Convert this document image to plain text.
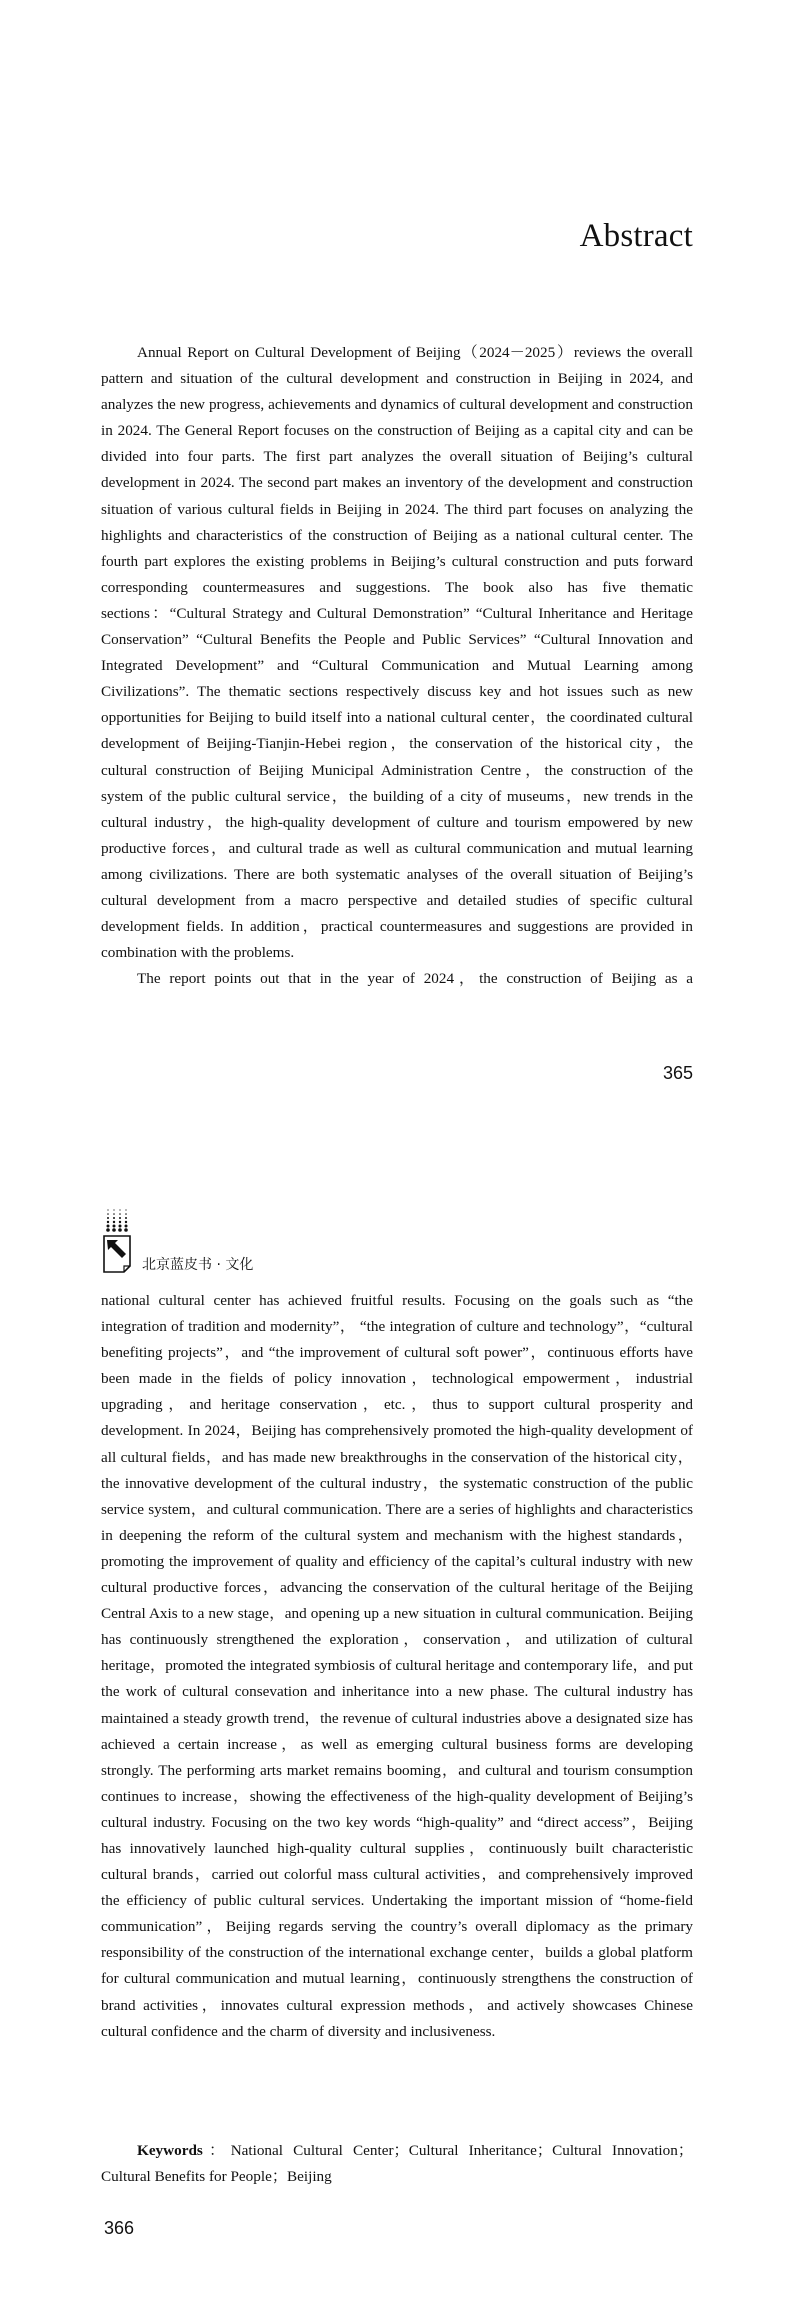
Abstract

Annual Report on Cultural Development of Beijing（2024－2025）reviews the overall pattern and situation of the cultural development and construction in Beijing in 2024, and analyzes the new progress, achievements and dynamics of cultural development and construction in 2024. The General Report focuses on the construction of Beijing as a capital city and can be divided into four parts. The first part analyzes the overall situation of Beijing’s cultural development in 2024. The second part makes an inventory of the development and construction situation of various cultural fields in Beijing in 2024. The third part focuses on analyzing the highlights and characteristics of the construction of Beijing as a national cultural center. The fourth part explores the existing problems in Beijing’s cultural construction and puts forward corresponding countermeasures and suggestions. The book also has five thematic sections：“Cultural Strategy and Cultural Demonstration” “Cultural Inheritance and Heritage Conservation” “Cultural Benefits the People and Public Services” “Cultural Innovation and Integrated Development” and “Cultural Communication and Mutual Learning among Civilizations”. The thematic sections respectively discuss key and hot issues such as new opportunities for Beijing to build itself into a national cultural center，the coordinated cultural development of Beijing-Tianjin-Hebei region，the conservation of the historical city，the cultural construction of Beijing Municipal Administration Centre，the construction of the system of the public cultural service，the building of a city of museums，new trends in the cultural industry，the high-quality development of culture and tourism empowered by new productive forces，and cultural trade as well as cultural communication and mutual learning among civilizations. There are both systematic analyses of the overall situation of Beijing’s cultural development from a macro perspective and detailed studies of specific cultural development fields. In addition，practical countermeasures and suggestions are provided in combination with the problems.

The report points out that in the year of 2024，the construction of Beijing as a

365
北京蓝皮书 · 文化

national cultural center has achieved fruitful results. Focusing on the goals such as “the integration of tradition and modernity”， “the integration of culture and technology”，“cultural benefiting projects”，and “the improvement of cultural soft power”，continuous efforts have been made in the fields of policy innovation，technological empowerment，industrial upgrading，and heritage conservation，etc.，thus to support cultural prosperity and development. In 2024，Beijing has comprehensively promoted the high-quality development of all cultural fields，and has made new breakthroughs in the conservation of the historical city，the innovative development of the cultural industry，the systematic construction of the public service system，and cultural communication. There are a series of highlights and characteristics in deepening the reform of the cultural system and mechanism with the highest standards，promoting the improvement of quality and efficiency of the capital’s cultural industry with new cultural productive forces，advancing the conservation of the cultural heritage of the Beijing Central Axis to a new stage，and opening up a new situation in cultural communication. Beijing has continuously strengthened the exploration，conservation，and utilization of cultural heritage，promoted the integrated symbiosis of cultural heritage and contemporary life，and put the work of cultural consevation and inheritance into a new phase. The cultural industry has maintained a steady growth trend，the revenue of cultural industries above a designated size has achieved a certain increase，as well as emerging cultural business forms are developing strongly. The performing arts market remains booming，and cultural and tourism consumption continues to increase，showing the effectiveness of the high-quality development of Beijing’s cultural industry. Focusing on the two key words “high-quality” and “direct access”，Beijing has innovatively launched high-quality cultural supplies，continuously built characteristic cultural brands，carried out colorful mass cultural activities，and comprehensively improved the efficiency of public cultural services. Undertaking the important mission of “home-field communication”，Beijing regards serving the country’s overall diplomacy as the primary responsibility of the construction of the international exchange center，builds a global platform for cultural communication and mutual learning，continuously strengthens the construction of brand activities，innovates cultural expression methods，and actively showcases Chinese cultural confidence and the charm of diversity and inclusiveness.

Keywords：National Cultural Center；Cultural Inheritance；Cultural Innovation；Cultural Benefits for People；Beijing

366
